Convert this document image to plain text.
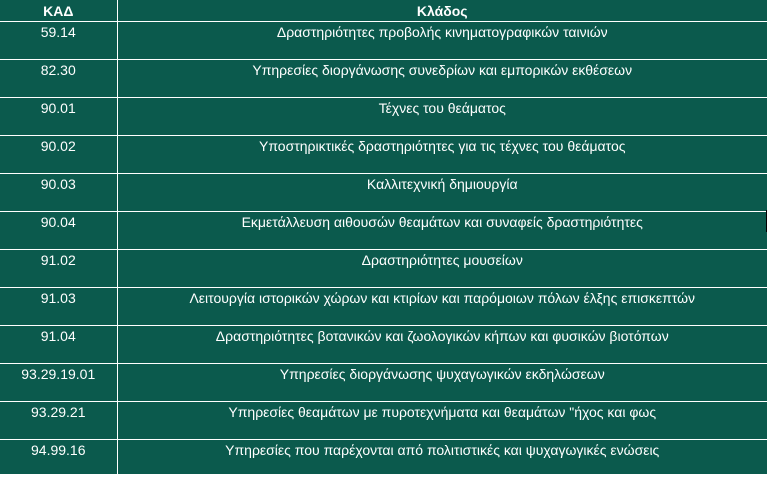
ΚΑΔ	Κλάδος
59.14	Δραστηριότητες προβολής κινηματογραφικών ταινιών
82.30	Υπηρεσίες διοργάνωσης συνεδρίων και εμπορικών εκθέσεων
90.01	Τέχνες του θεάματος
90.02	Υποστηρικτικές δραστηριότητες για τις τέχνες του θεάματος
90.03	Καλλιτεχνική δημιουργία
90.04	Εκμετάλλευση αιθουσών θεαμάτων και συναφείς δραστηριότητες
91.02	Δραστηριότητες μουσείων
91.03	Λειτουργία ιστορικών χώρων και κτιρίων και παρόμοιων πόλων έλξης επισκεπτών
91.04	Δραστηριότητες βοτανικών και ζωολογικών κήπων και φυσικών βιοτόπων
93.29.19.01	Υπηρεσίες διοργάνωσης ψυχαγωγικών εκδηλώσεων
93.29.21	Υπηρεσίες θεαμάτων με πυροτεχνήματα και θεαμάτων "ήχος και φως
94.99.16	Υπηρεσίες που παρέχονται από πολιτιστικές και ψυχαγωγικές ενώσεις
